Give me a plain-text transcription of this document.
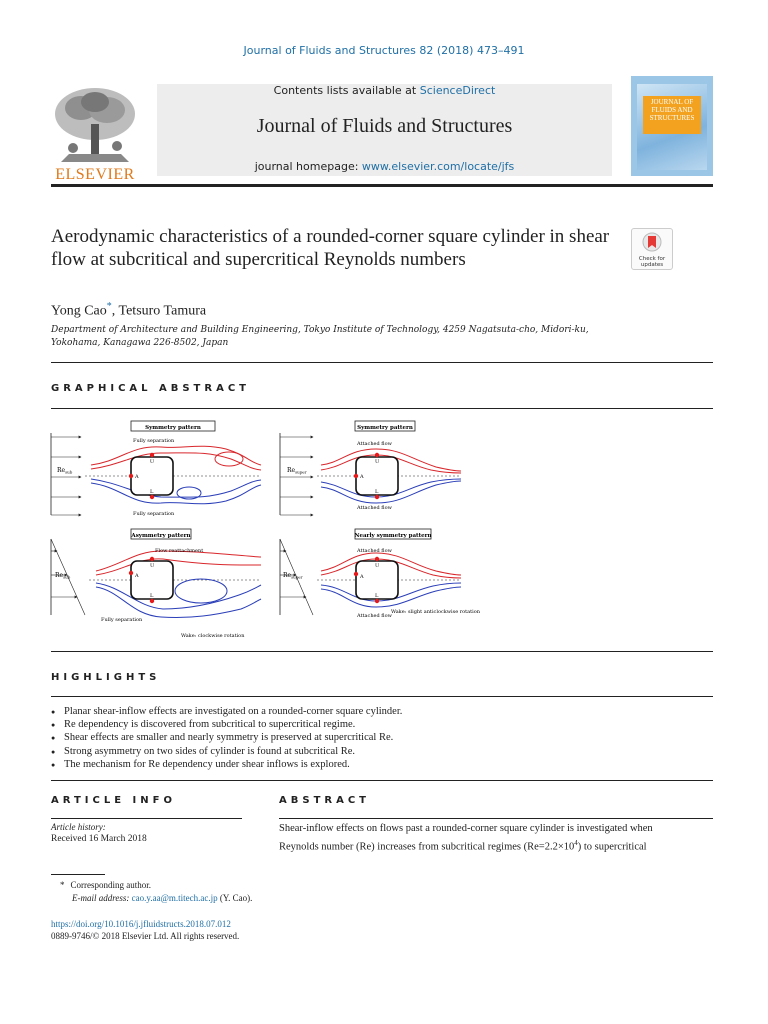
Journal of Fluids and Structures 82 (2018) 473–491
ELSEVIER
Contents lists available at ScienceDirect
Journal of Fluids and Structures
journal homepage: www.elsevier.com/locate/jfs
JOURNAL OF FLUIDS AND STRUCTURES
Aerodynamic characteristics of a rounded-corner square cylinder in shear flow at subcritical and supercritical Reynolds numbers	Check for updates
Yong Cao*, Tetsuro Tamura
Department of Architecture and Building Engineering, Tokyo Institute of Technology, 4259 Nagatsuta-cho, Midori-ku, Yokohama, Kanagawa 226-8502, Japan
GRAPHICAL ABSTRACT
Symmetry pattern
$Re_{sub}$
U
A
L
Fully separation
Fully separation
Symmetry pattern
$Re_{super}$
U
A
L
Attached flow
Attached flow
Asymmetry pattern
$Re_{sub}$
U
A
L
Flow reattachment
Fully separation
Wake: clockwise rotation
Nearly symmetry pattern
$Re_{super}$
U
A
L
Attached flow
Attached flow
Wake: slight anticlockwise rotation
HIGHLIGHTS
● Planar shear-inflow effects are investigated on a rounded-corner square cylinder.
● Re dependency is discovered from subcritical to supercritical regime.
● Shear effects are smaller and nearly symmetry is preserved at supercritical Re.
● Strong asymmetry on two sides of cylinder is found at subcritical Re.
● The mechanism for Re dependency under shear inflows is explored.
ARTICLE INFO
Article history:
Received 16 March 2018
ABSTRACT
Shear-inflow effects on flows past a rounded-corner square cylinder is investigated when
Reynolds number (Re) increases from subcritical regimes $(Re=2.2\times 10^4)$ to supercritical
* Corresponding author.
E-mail address: cao.y.aa@m.titech.ac.jp (Y. Cao).
https://doi.org/10.1016/j.jfluidstructs.2018.07.012
0889-9746/© 2018 Elsevier Ltd. All rights reserved.
